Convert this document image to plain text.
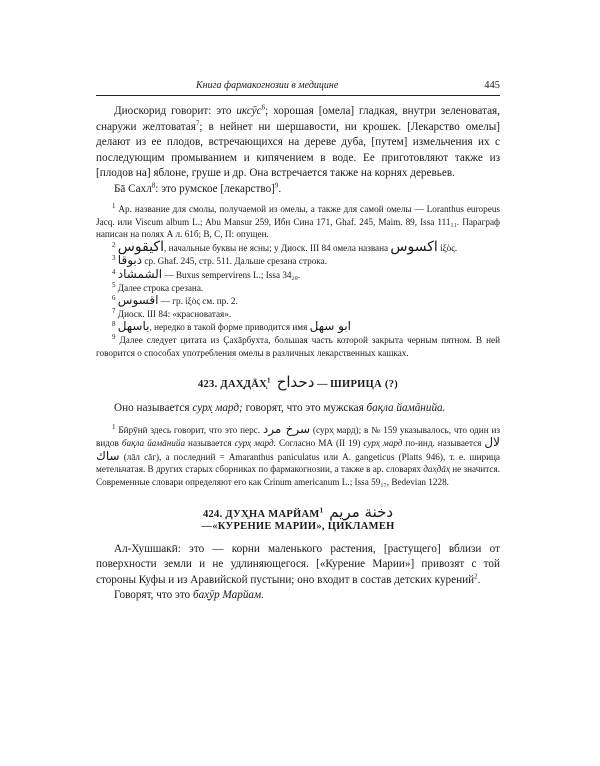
Книга фармакогнозии в медицине	445

Диоскорид говорит: это иксӯс$^6$; хорошая [омела] гладкая, внутри зеленоватая, снаружи желтоватая$^7$; в нейнет ни шершавости, ни крошек. [Лекарство омелы] делают из ее плодов, встречающихся на дереве дуба, [путем] измельчения их с последующим промыванием и кипячением в воде. Ее приготовляют также из [плодов на] яблоне, груше и др. Она встречается также на корнях деревьев.

Бā Сахл$^8$: это румское [лекарство]$^9$.

$^1$ Ар. название для смолы, получаемой из омелы, а также для самой омелы — Loranthus europeus Jacq. или Viscum album L.; Abu Mansur 259, Ибн Сина 171, Ghaf. 245, Maim. 89, Issa 111₁₁. Параграф написан на полях А л. 61б; В, С, П: опущен.

$^2$ اكيقوس, начальные буквы не ясны; у Диоск. III 84 омела названа اكسوس ἰξὸς.

$^3$ دبوقا ср. Ghaf. 245, стр. 511. Дальше срезана строка.

$^4$ الشمشاد — Buxus sempervirens L.; Issa 34₂₈.

$^5$ Далее строка срезана.

$^6$ اقسوس — гр. ἰξὸς см. пр. 2.

$^7$ Диоск. III 84: «красноватая».

$^8$ باسهل, нередко в такой форме приводится имя ابو سهل

$^9$ Далее следует цитата из Ҫахāрбухта, большая часть которой закрыта черным пятном. В ней говорится о способах употребления омелы в различных лекарственных кашках.

423. ДАХ̣ДĀХ̣$^1$ دحداح — ШИРИЦА (?)

Оно называется сурх̣ мард; говорят, что это мужская бақла йамāнийа.

$^1$ Бӣрӯнӣ здесь говорит, что это перс. سرخ مرد (сурх̣ мард); в № 159 указывалось, что один из видов бақла йамāнийа называется сурх̣ мард. Согласно МА (II 19) сурх̣ мард по-инд. называется لال ساك (лāл сāг), а последний = Amaranthus paniculatus или A. gangeticus (Platts 946), т. е. ширица метельчатая. В других старых сборниках по фармакогнозии, а также в ар. словарях дах̣дāх̣ не значится. Современные словари определяют его как Crinum americanum L.; Issa 59₁₇, Bedevian 1228.

424. ДУХ̱НА МАРЙАМ$^1$ دخنة مريم

—«КУРЕНИЕ МАРИИ», ЦИКЛАМЕН

Ал-Хушшакӣ: это — корни маленького растения, [растущего] вблизи от поверхности земли и не удлиняющегося. [«Курение Марии»] привозят с той стороны Куфы и из Аравийской пустыни; оно входит в состав детских курений$^2$.

Говорят, что это бах̱ӯр Марйам.
